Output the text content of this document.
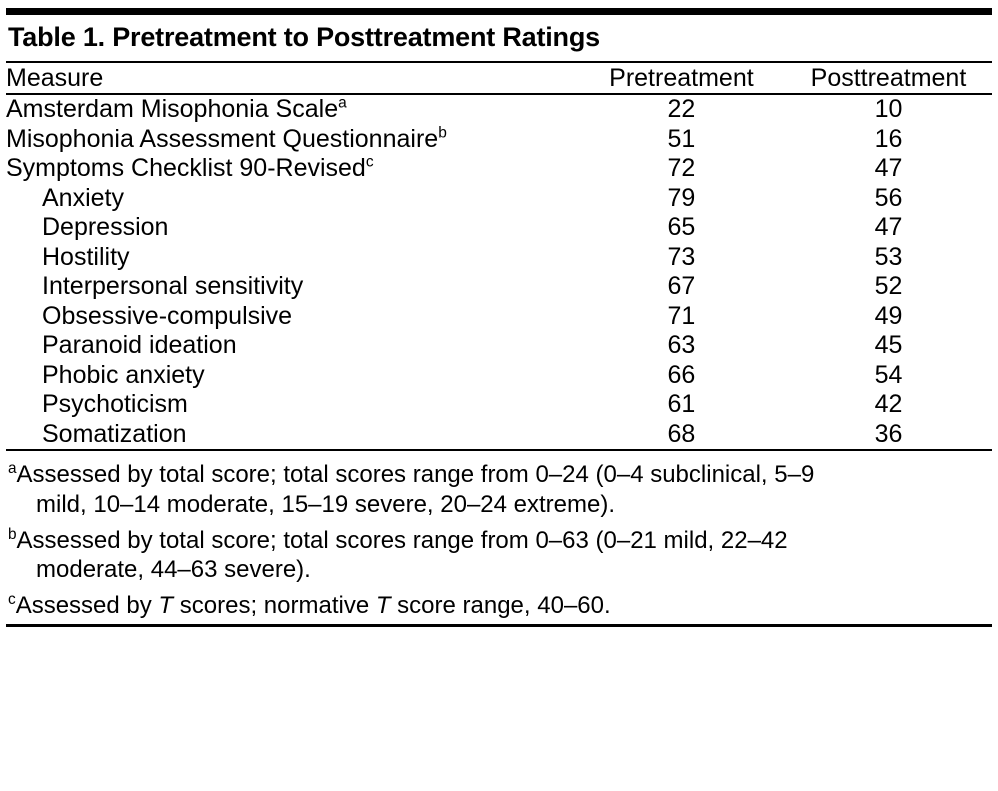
Table 1. Pretreatment to Posttreatment Ratings
Measure	Pretreatment	Posttreatment
Amsterdam Misophonia Scale$^a$	22	10
Misophonia Assessment Questionnaire$^b$	51	16
Symptoms Checklist 90-Revised$^c$	72	47
Anxiety	79	56
Depression	65	47
Hostility	73	53
Interpersonal sensitivity	67	52
Obsessive-compulsive	71	49
Paranoid ideation	63	45
Phobic anxiety	66	54
Psychoticism	61	42
Somatization	68	36
$^a$Assessed by total score; total scores range from 0–24 (0–4 subclinical, 5–9
mild, 10–14 moderate, 15–19 severe, 20–24 extreme).
$^b$Assessed by total score; total scores range from 0–63 (0–21 mild, 22–42
moderate, 44–63 severe).
$^c$Assessed by T scores; normative T score range, 40–60.
